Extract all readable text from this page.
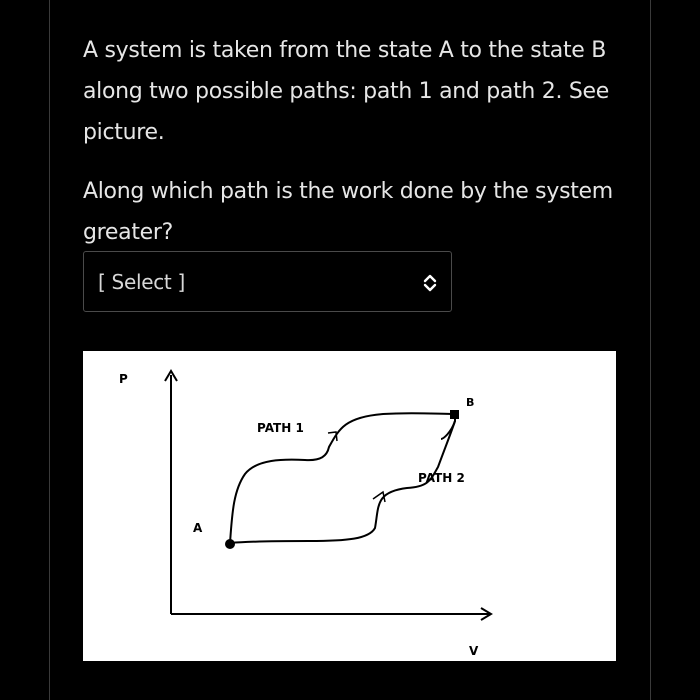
A system is taken from the state A to the state B along two possible paths: path 1 and path 2. See picture.

Along which path is the work done by the system greater?

[ Select ]
P
V
A
B
PATH 1
PATH 2
